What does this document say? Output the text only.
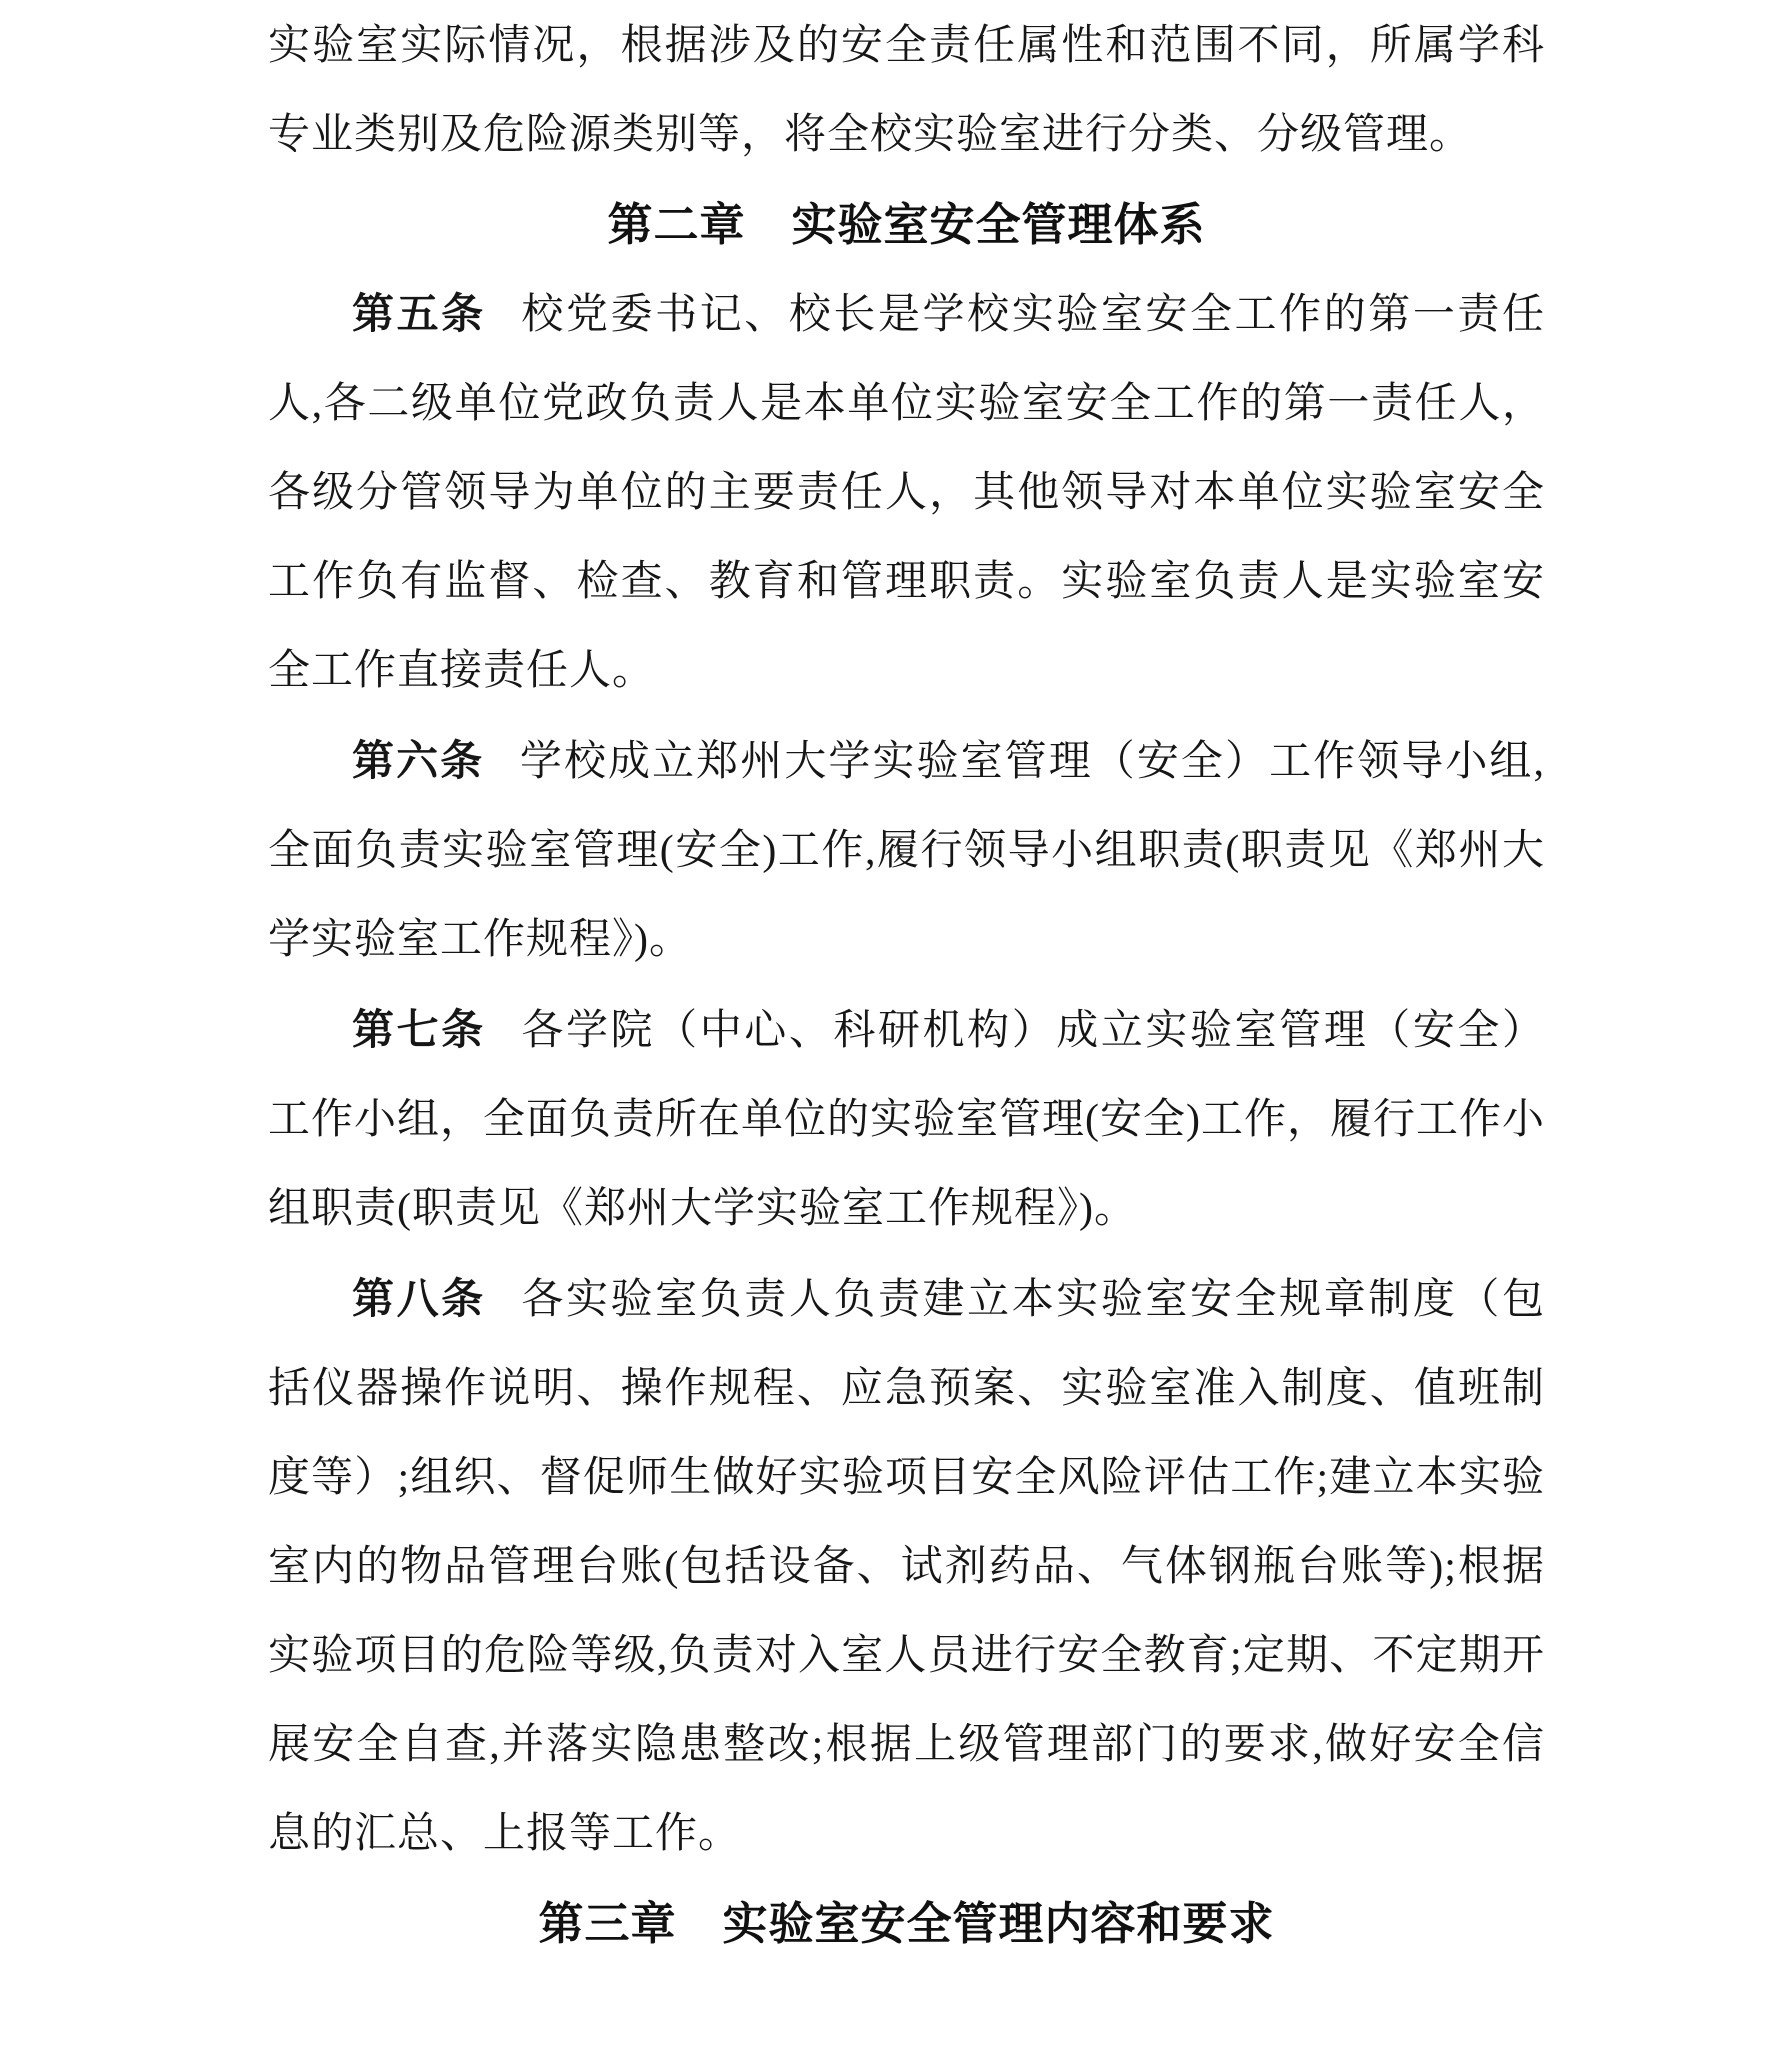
实验室实际情况，根据涉及的安全责任属性和范围不同，所属学科专业类别及危险源类别等，将全校实验室进行分类、分级管理。

第二章　实验室安全管理体系

第五条 校党委书记、校长是学校实验室安全工作的第一责任人,各二级单位党政负责人是本单位实验室安全工作的第一责任人，各级分管领导为单位的主要责任人，其他领导对本单位实验室安全工作负有监督、检查、教育和管理职责。实验室负责人是实验室安全工作直接责任人。

第六条 学校成立郑州大学实验室管理（安全）工作领导小组,全面负责实验室管理(安全)工作,履行领导小组职责(职责见《郑州大学实验室工作规程》)。

第七条 各学院（中心、科研机构）成立实验室管理（安全）工作小组，全面负责所在单位的实验室管理(安全)工作，履行工作小组职责(职责见《郑州大学实验室工作规程》)。

第八条 各实验室负责人负责建立本实验室安全规章制度（包括仪器操作说明、操作规程、应急预案、实验室准入制度、值班制度等）;组织、督促师生做好实验项目安全风险评估工作;建立本实验室内的物品管理台账(包括设备、试剂药品、气体钢瓶台账等);根据实验项目的危险等级,负责对入室人员进行安全教育;定期、不定期开展安全自查,并落实隐患整改;根据上级管理部门的要求,做好安全信息的汇总、上报等工作。

第三章　实验室安全管理内容和要求
